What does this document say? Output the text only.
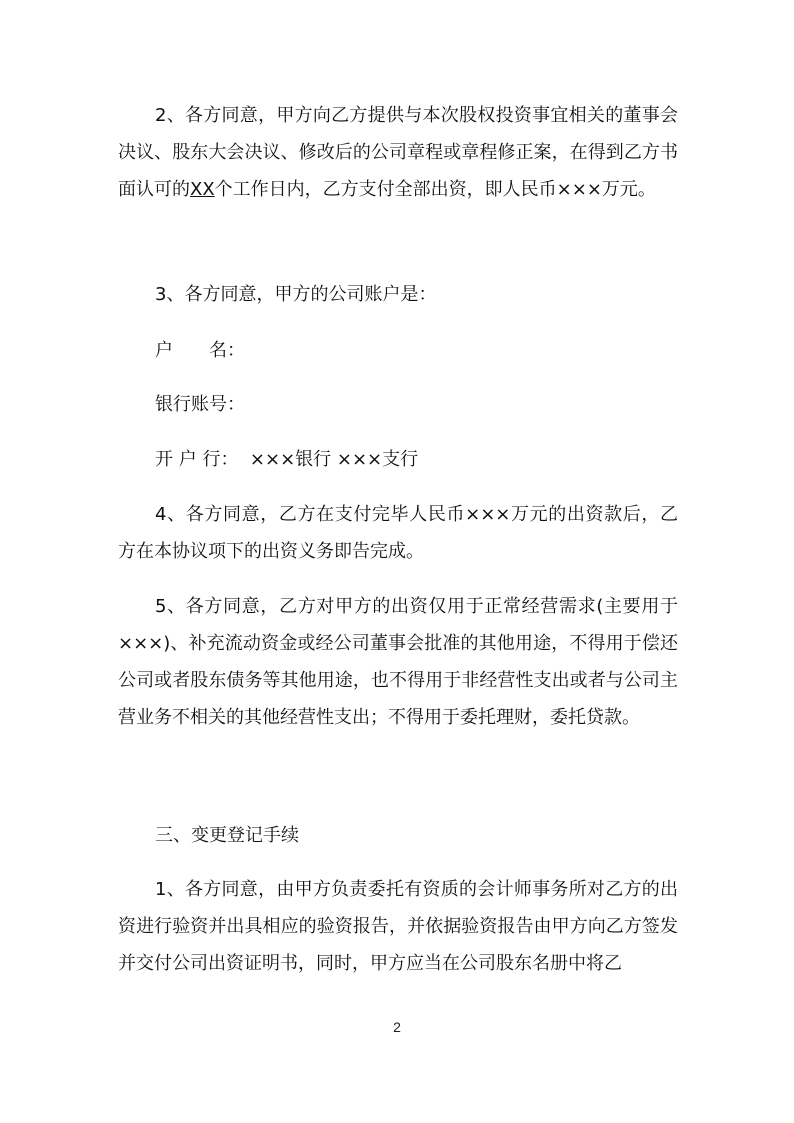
2、各方同意，甲方向乙方提供与本次股权投资事宜相关的董事会决议、股东大会决议、修改后的公司章程或章程修正案，在得到乙方书面认可的XX个工作日内，乙方支付全部出资，即人民币×××万元。

3、各方同意，甲方的公司账户是：

户　　名：

银行账号：

开 户 行： ×××银行 ×××支行

4、各方同意，乙方在支付完毕人民币×××万元的出资款后，乙方在本协议项下的出资义务即告完成。

5、各方同意，乙方对甲方的出资仅用于正常经营需求(主要用于×××)、补充流动资金或经公司董事会批准的其他用途，不得用于偿还公司或者股东债务等其他用途，也不得用于非经营性支出或者与公司主营业务不相关的其他经营性支出；不得用于委托理财，委托贷款。

三、变更登记手续

1、各方同意，由甲方负责委托有资质的会计师事务所对乙方的出资进行验资并出具相应的验资报告，并依据验资报告由甲方向乙方签发并交付公司出资证明书，同时，甲方应当在公司股东名册中将乙

2
